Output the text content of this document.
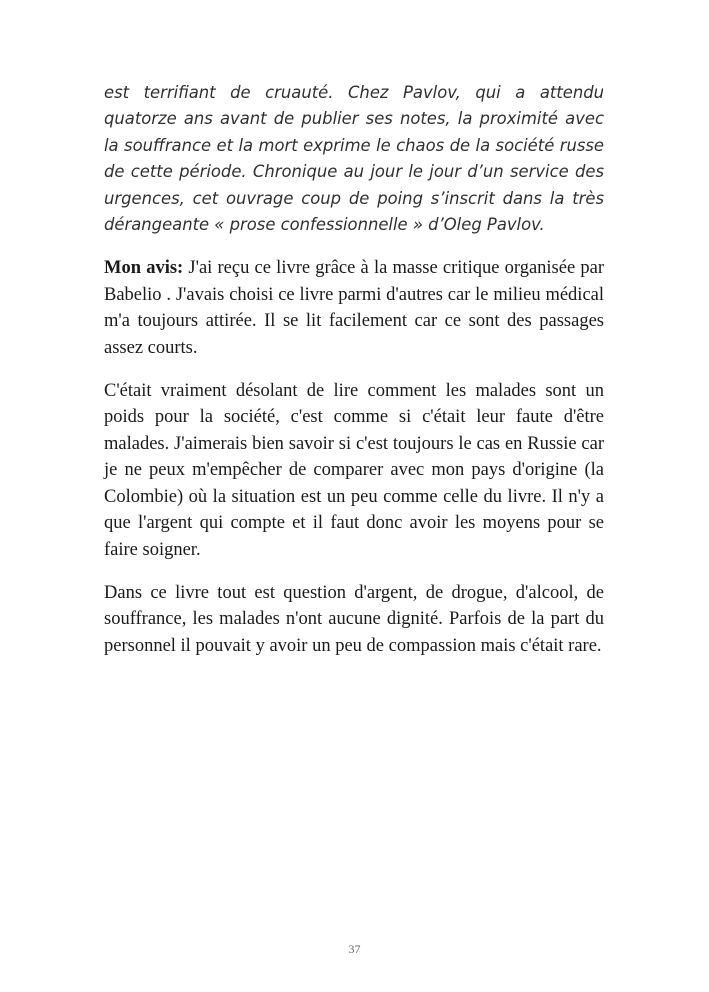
est terrifiant de cruauté. Chez Pavlov, qui a attendu quatorze ans avant de publier ses notes, la proximité avec la souffrance et la mort exprime le chaos de la société russe de cette période. Chronique au jour le jour d’un service des urgences, cet ouvrage coup de poing s’inscrit dans la très dérangeante « prose confessionnelle » d’Oleg Pavlov.

Mon avis: J'ai reçu ce livre grâce à la masse critique organisée par Babelio . J'avais choisi ce livre parmi d'autres car le milieu médical m'a toujours attirée. Il se lit facilement car ce sont des passages assez courts.

C'était vraiment désolant de lire comment les malades sont un poids pour la société, c'est comme si c'était leur faute d'être malades. J'aimerais bien savoir si c'est toujours le cas en Russie car je ne peux m'empêcher de comparer avec mon pays d'origine (la Colombie) où la situation est un peu comme celle du livre. Il n'y a que l'argent qui compte et il faut donc avoir les moyens pour se faire soigner.

Dans ce livre tout est question d'argent, de drogue, d'alcool, de souffrance, les malades n'ont aucune dignité. Parfois de la part du personnel il pouvait y avoir un peu de compassion mais c'était rare.

37
